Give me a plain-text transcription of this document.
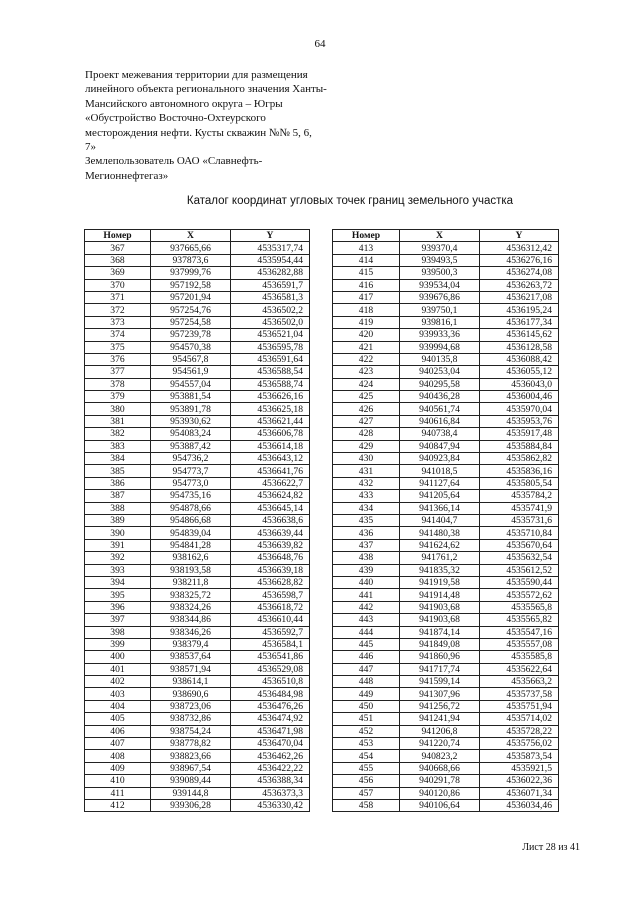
64
Проект межевания территории для размещения
линейного объекта регионального значения Ханты-
Мансийского автономного округа – Югры
«Обустройство Восточно-Охтеурского
месторождения нефти. Кусты скважин №№ 5, 6,
7»
Землепользователь ОАО «Славнефть-
Мегионнефтегаз»
Каталог координат угловых точек границ земельного участка
Номер	X	Y
367	937665,66	4535317,74
368	937873,6	4535954,44
369	937999,76	4536282,88
370	957192,58	4536591,7
371	957201,94	4536581,3
372	957254,76	4536502,2
373	957254,58	4536502,0
374	957239,78	4536521,04
375	954570,38	4536595,78
376	954567,8	4536591,64
377	954561,9	4536588,54
378	954557,04	4536588,74
379	953881,54	4536626,16
380	953891,78	4536625,18
381	953930,62	4536621,44
382	954083,24	4536606,78
383	953887,42	4536614,18
384	954736,2	4536643,12
385	954773,7	4536641,76
386	954773,0	4536622,7
387	954735,16	4536624,82
388	954878,66	4536645,14
389	954866,68	4536638,6
390	954839,04	4536639,44
391	954841,28	4536639,82
392	938162,6	4536648,76
393	938193,58	4536639,18
394	938211,8	4536628,82
395	938325,72	4536598,7
396	938324,26	4536618,72
397	938344,86	4536610,44
398	938346,26	4536592,7
399	938379,4	4536584,1
400	938537,64	4536541,86
401	938571,94	4536529,08
402	938614,1	4536510,8
403	938690,6	4536484,98
404	938723,06	4536476,26
405	938732,86	4536474,92
406	938754,24	4536471,98
407	938778,82	4536470,04
408	938823,66	4536462,26
409	938967,54	4536422,22
410	939089,44	4536388,34
411	939144,8	4536373,3
412	939306,28	4536330,42
Номер	X	Y
413	939370,4	4536312,42
414	939493,5	4536276,16
415	939500,3	4536274,08
416	939534,04	4536263,72
417	939676,86	4536217,08
418	939750,1	4536195,24
419	939816,1	4536177,34
420	939933,36	4536145,62
421	939994,68	4536128,58
422	940135,8	4536088,42
423	940253,04	4536055,12
424	940295,58	4536043,0
425	940436,28	4536004,46
426	940561,74	4535970,04
427	940616,84	4535953,76
428	940738,4	4535917,48
429	940847,94	4535884,84
430	940923,84	4535862,82
431	941018,5	4535836,16
432	941127,64	4535805,54
433	941205,64	4535784,2
434	941366,14	4535741,9
435	941404,7	4535731,6
436	941480,38	4535710,84
437	941624,62	4535670,64
438	941761,2	4535632,54
439	941835,32	4535612,52
440	941919,58	4535590,44
441	941914,48	4535572,62
442	941903,68	4535565,8
443	941903,68	4535565,82
444	941874,14	4535547,16
445	941849,08	4535557,08
446	941860,96	4535585,8
447	941717,74	4535622,64
448	941599,14	4535663,2
449	941307,96	4535737,58
450	941256,72	4535751,94
451	941241,94	4535714,02
452	941206,8	4535728,22
453	941220,74	4535756,02
454	940823,2	4535873,54
455	940668,66	4535921,5
456	940291,78	4536022,36
457	940120,86	4536071,34
458	940106,64	4536034,46
Лист 28 из 41
